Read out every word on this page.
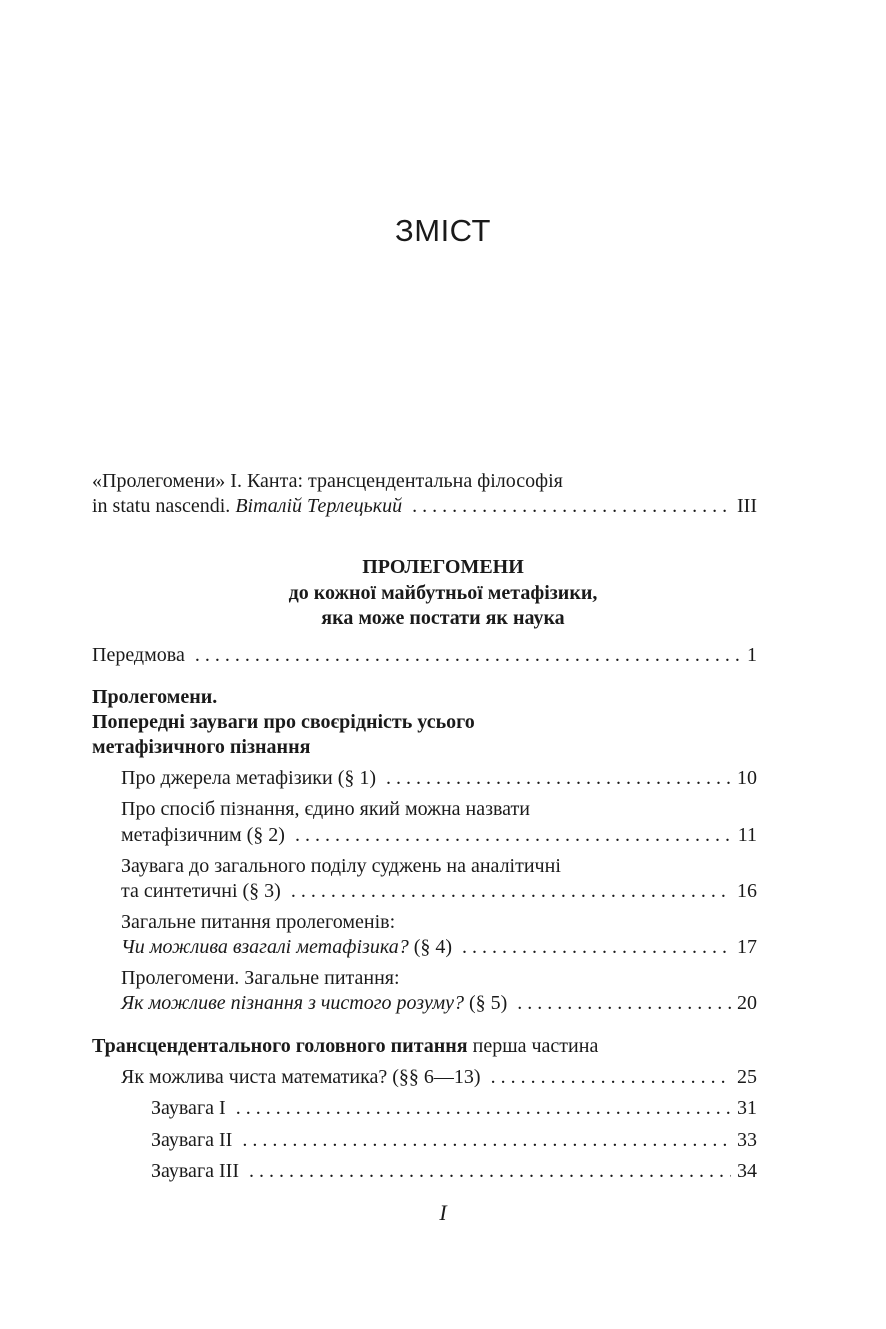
ЗМІСТ
«Пролегомени» І. Канта: трансцендентальна філософія
in statu nascendi. Віталій Терлецький . . .	III
ПРОЛЕГОМЕНИ
до кожної майбутньої метафізики,
яка може постати як наука
Передмова . . .	1
Пролегомени.
Попередні зауваги про своєрідність усього
метафізичного пізнання
Про джерела метафізики (§ 1) . . .	10
Про спосіб пізнання, єдино який можна назвати
метафізичним (§ 2) . . .	11
Заувага до загального поділу суджень на аналітичні
та синтетичні (§ 3) . . .	16
Загальне питання пролегоменів:
Чи можлива взагалі метафізика? (§ 4) . . .	17
Пролегомени. Загальне питання:
Як можливе пізнання з чистого розуму? (§ 5) . . .	20
Трансцендентального головного питання перша частина
Як можлива чиста математика? (§§ 6—13) . . .	25
Заувага I . . .	31
Заувага II . . .	33
Заувага III . . .	34
I
